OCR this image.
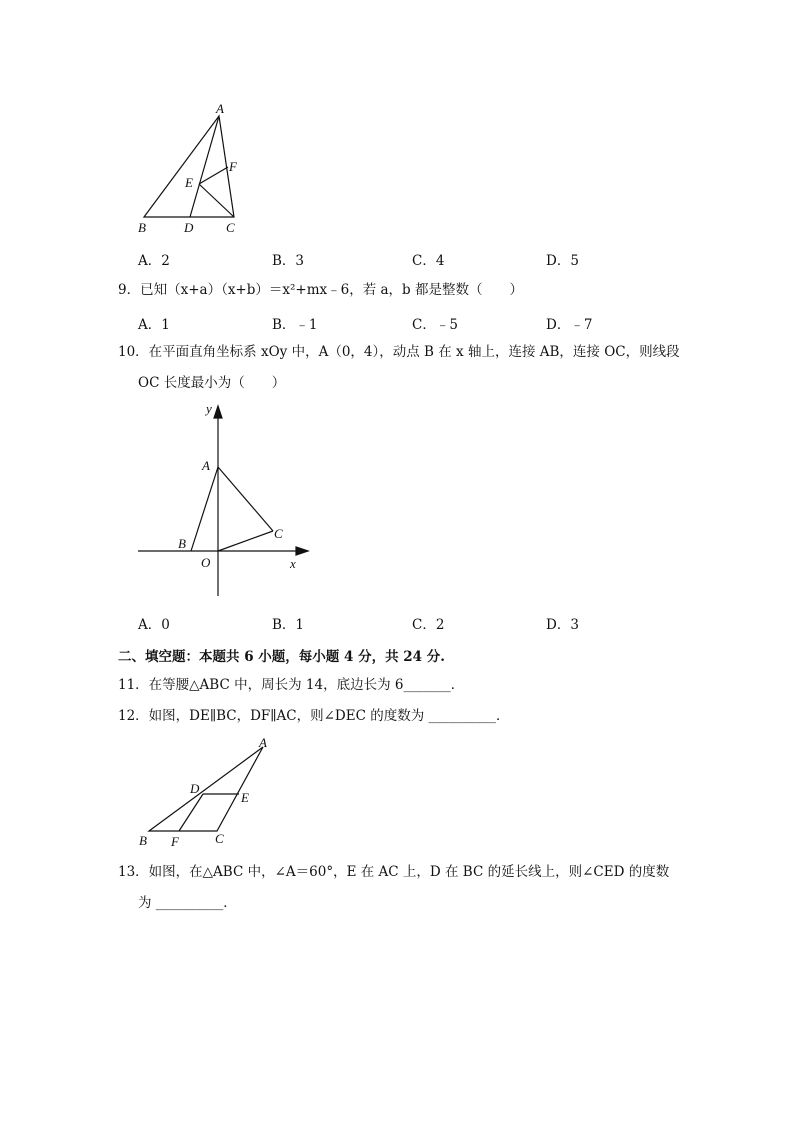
A
F
E
B	D	C
A．2	B．3	C．4	D．5
9．已知（x+a）（x+b）＝x²+mx﹣6，若 a，b 都是整数（　　）
A．1	B．﹣1	C．﹣5	D．﹣7
10．在平面直角坐标系 xOy 中，A（0，4），动点 B 在 x 轴上，连接 AB，连接 OC，则线段
OC 长度最小为（　　）
y
A
C
B
O	x
A．0	B．1	C．2	D．3
二、填空题：本题共 6 小题，每小题 4 分，共 24 分.
11．在等腰△ABC 中，周长为 14，底边长为 6_______．
12．如图，DE∥BC，DF∥AC，则∠DEC 的度数为 __________．
A
D
E
B F	C
13．如图，在△ABC 中，∠A＝60°，E 在 AC 上，D 在 BC 的延长线上，则∠CED 的度数
为 __________．
